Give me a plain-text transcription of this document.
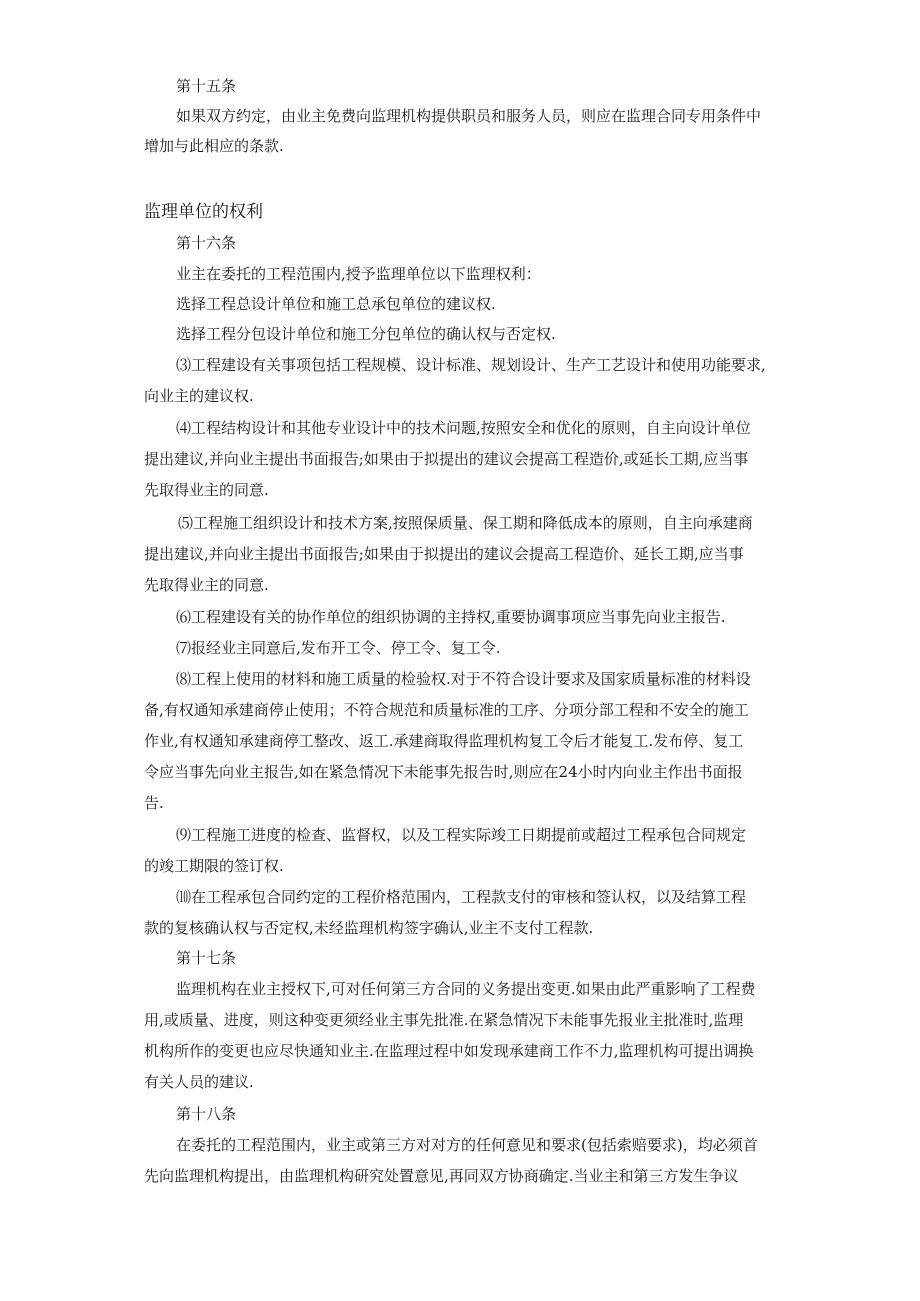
第十五条
如果双方约定，由业主免费向监理机构提供职员和服务人员，则应在监理合同专用条件中
增加与此相应的条款.
监理单位的权利
第十六条
业主在委托的工程范围内,授予监理单位以下监理权利：
选择工程总设计单位和施工总承包单位的建议权.
选择工程分包设计单位和施工分包单位的确认权与否定权.
⑶工程建设有关事项包括工程规模、设计标准、规划设计、生产工艺设计和使用功能要求,
向业主的建议权.
⑷工程结构设计和其他专业设计中的技术问题,按照安全和优化的原则，自主向设计单位
提出建议,并向业主提出书面报告;如果由于拟提出的建议会提高工程造价,或延长工期,应当事
先取得业主的同意.
⑸工程施工组织设计和技术方案,按照保质量、保工期和降低成本的原则，自主向承建商
提出建议,并向业主提出书面报告;如果由于拟提出的建议会提高工程造价、延长工期,应当事
先取得业主的同意.
⑹工程建设有关的协作单位的组织协调的主持权,重要协调事项应当事先向业主报告.
⑺报经业主同意后,发布开工令、停工令、复工令.
⑻工程上使用的材料和施工质量的检验权.对于不符合设计要求及国家质量标准的材料设
备,有权通知承建商停止使用；不符合规范和质量标准的工序、分项分部工程和不安全的施工
作业,有权通知承建商停工整改、返工.承建商取得监理机构复工令后才能复工.发布停、复工
令应当事先向业主报告,如在紧急情况下未能事先报告时,则应在24小时内向业主作出书面报
告.
⑼工程施工进度的检查、监督权，以及工程实际竣工日期提前或超过工程承包合同规定
的竣工期限的签订权.
⑽在工程承包合同约定的工程价格范围内，工程款支付的审核和签认权，以及结算工程
款的复核确认权与否定权,未经监理机构签字确认,业主不支付工程款.
第十七条
监理机构在业主授权下,可对任何第三方合同的义务提出变更.如果由此严重影响了工程费
用,或质量、进度，则这种变更须经业主事先批准.在紧急情况下未能事先报业主批准时,监理
机构所作的变更也应尽快通知业主.在监理过程中如发现承建商工作不力,监理机构可提出调换
有关人员的建议.
第十八条
在委托的工程范围内，业主或第三方对对方的任何意见和要求(包括索赔要求)，均必须首
先向监理机构提出，由监理机构研究处置意见,再同双方协商确定.当业主和第三方发生争议
